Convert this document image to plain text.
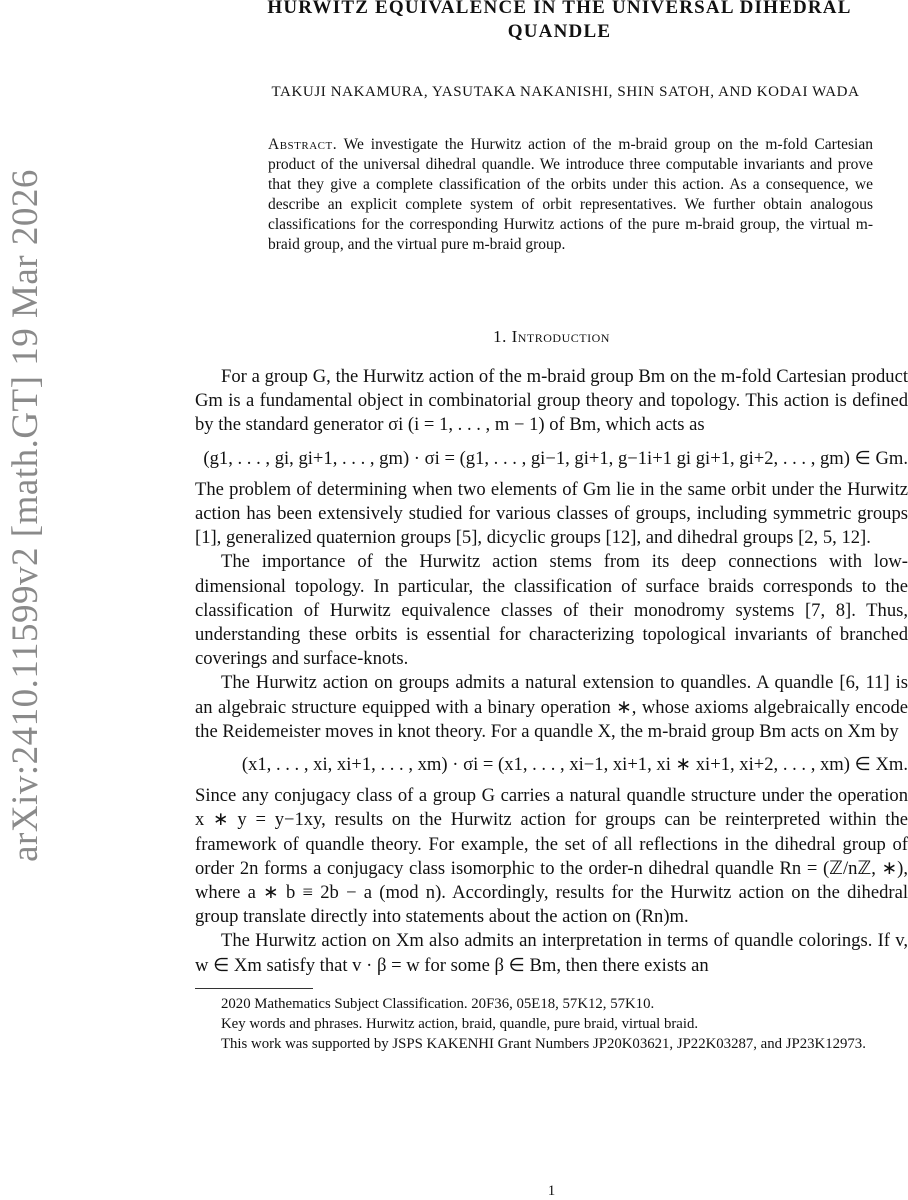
arXiv:2410.11599v2 [math.GT] 19 Mar 2026
HURWITZ EQUIVALENCE IN THE UNIVERSAL DIHEDRAL
QUANDLE
TAKUJI NAKAMURA, YASUTAKA NAKANISHI, SHIN SATOH, AND KODAI WADA
Abstract. We investigate the Hurwitz action of the m-braid group on the m-fold Cartesian product of the universal dihedral quandle. We introduce three computable invariants and prove that they give a complete classification of the orbits under this action. As a consequence, we describe an explicit complete system of orbit representatives. We further obtain analogous classifications for the corresponding Hurwitz actions of the pure m-braid group, the virtual m-braid group, and the virtual pure m-braid group.
1. Introduction

For a group G, the Hurwitz action of the m-braid group Bm on the m-fold Cartesian product Gm is a fundamental object in combinatorial group theory and topology. This action is defined by the standard generator σi (i = 1, . . . , m − 1) of Bm, which acts as

(g1, . . . , gi, gi+1, . . . , gm) · σi = (g1, . . . , gi−1, gi+1, g−1i+1 gi gi+1, gi+2, . . . , gm) ∈ Gm.

The problem of determining when two elements of Gm lie in the same orbit under the Hurwitz action has been extensively studied for various classes of groups, including symmetric groups [1], generalized quaternion groups [5], dicyclic groups [12], and dihedral groups [2, 5, 12].

The importance of the Hurwitz action stems from its deep connections with low-dimensional topology. In particular, the classification of surface braids corresponds to the classification of Hurwitz equivalence classes of their monodromy systems [7, 8]. Thus, understanding these orbits is essential for characterizing topological invariants of branched coverings and surface-knots.

The Hurwitz action on groups admits a natural extension to quandles. A quandle [6, 11] is an algebraic structure equipped with a binary operation ∗, whose axioms algebraically encode the Reidemeister moves in knot theory. For a quandle X, the m-braid group Bm acts on Xm by

(x1, . . . , xi, xi+1, . . . , xm) · σi = (x1, . . . , xi−1, xi+1, xi ∗ xi+1, xi+2, . . . , xm) ∈ Xm.

Since any conjugacy class of a group G carries a natural quandle structure under the operation x ∗ y = y−1xy, results on the Hurwitz action for groups can be reinterpreted within the framework of quandle theory. For example, the set of all reflections in the dihedral group of order 2n forms a conjugacy class isomorphic to the order-n dihedral quandle Rn = (ℤ/nℤ, ∗), where a ∗ b ≡ 2b − a (mod n). Accordingly, results for the Hurwitz action on the dihedral group translate directly into statements about the action on (Rn)m.

The Hurwitz action on Xm also admits an interpretation in terms of quandle colorings. If v, w ∈ Xm satisfy that v · β = w for some β ∈ Bm, then there exists an

2020 Mathematics Subject Classification. 20F36, 05E18, 57K12, 57K10.

Key words and phrases. Hurwitz action, braid, quandle, pure braid, virtual braid.

This work was supported by JSPS KAKENHI Grant Numbers JP20K03621, JP22K03287, and JP23K12973.

1
